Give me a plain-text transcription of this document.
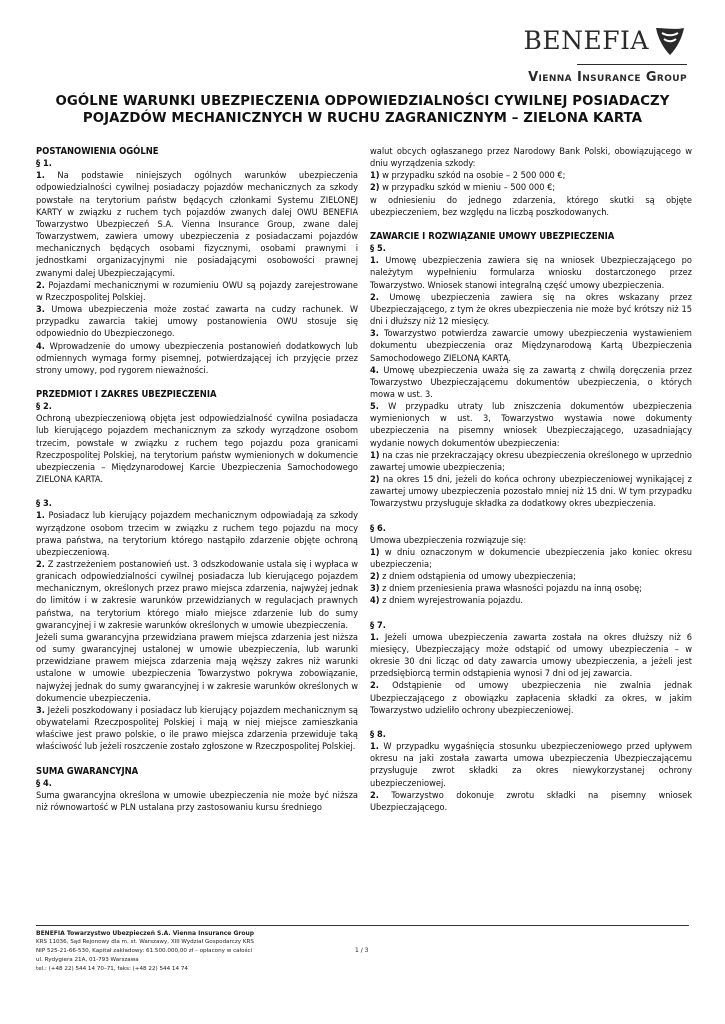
BENEFIA
Vienna Insurance Group
OGÓLNE WARUNKI UBEZPIECZENIA ODPOWIEDZIALNOŚCI CYWILNEJ POSIADACZY POJAZDÓW MECHANICZNYCH W RUCHU ZAGRANICZNYM – ZIELONA KARTA

POSTANOWIENIA OGÓLNE

§ 1.

1. Na podstawie niniejszych ogólnych warunków ubezpieczenia odpowiedzialności cywilnej posiadaczy pojazdów mechanicznych za szkody powstałe na terytorium państw będących członkami Systemu ZIELONEJ KARTY w związku z ruchem tych pojazdów zwanych dalej OWU BENEFIA Towarzystwo Ubezpieczeń S.A. Vienna Insurance Group, zwane dalej Towarzystwem, zawiera umowy ubezpieczenia z posiadaczami pojazdów mechanicznych będących osobami fizycznymi, osobami prawnymi i jednostkami organizacyjnymi nie posiadającymi osobowości prawnej zwanymi dalej Ubezpieczającymi.

2. Pojazdami mechanicznymi w rozumieniu OWU są pojazdy zarejestrowane w Rzeczpospolitej Polskiej.

3. Umowa ubezpieczenia może zostać zawarta na cudzy rachunek. W przypadku zawarcia takiej umowy postanowienia OWU stosuje się odpowiednio do Ubezpieczonego.

4. Wprowadzenie do umowy ubezpieczenia postanowień dodatkowych lub odmiennych wymaga formy pisemnej, potwierdzającej ich przyjęcie przez strony umowy, pod rygorem nieważności.

PRZEDMIOT I ZAKRES UBEZPIECZENIA

§ 2.

Ochroną ubezpieczeniową objęta jest odpowiedzialność cywilna posiadacza lub kierującego pojazdem mechanicznym za szkody wyrządzone osobom trzecim, powstałe w związku z ruchem tego pojazdu poza granicami Rzeczpospolitej Polskiej, na terytorium państw wymienionych w dokumencie ubezpieczenia – Międzynarodowej Karcie Ubezpieczenia Samochodowego ZIELONA KARTA.

§ 3.

1. Posiadacz lub kierujący pojazdem mechanicznym odpowiadają za szkody wyrządzone osobom trzecim w związku z ruchem tego pojazdu na mocy prawa państwa, na terytorium którego nastąpiło zdarzenie objęte ochroną ubezpieczeniową.

2. Z zastrzeżeniem postanowień ust. 3 odszkodowanie ustala się i wypłaca w granicach odpowiedzialności cywilnej posiadacza lub kierującego pojazdem mechanicznym, określonych przez prawo miejsca zdarzenia, najwyżej jednak do limitów i w zakresie warunków przewidzianych w regulacjach prawnych państwa, na terytorium którego miało miejsce zdarzenie lub do sumy gwarancyjnej i w zakresie warunków określonych w umowie ubezpieczenia.

Jeżeli suma gwarancyjna przewidziana prawem miejsca zdarzenia jest niższa od sumy gwarancyjnej ustalonej w umowie ubezpieczenia, lub warunki przewidziane prawem miejsca zdarzenia mają węższy zakres niż warunki ustalone w umowie ubezpieczenia Towarzystwo pokrywa zobowiązanie, najwyżej jednak do sumy gwarancyjnej i w zakresie warunków określonych w dokumencie ubezpieczenia.

3. Jeżeli poszkodowany i posiadacz lub kierujący pojazdem mechanicznym są obywatelami Rzeczpospolitej Polskiej i mają w niej miejsce zamieszkania właściwe jest prawo polskie, o ile prawo miejsca zdarzenia przewiduje taką właściwość lub jeżeli roszczenie zostało zgłoszone w Rzeczpospolitej Polskiej.

SUMA GWARANCYJNA

§ 4.

Suma gwarancyjna określona w umowie ubezpieczenia nie może być niższa niż równowartość w PLN ustalana przy zastosowaniu kursu średniego

walut obcych ogłaszanego przez Narodowy Bank Polski, obowiązującego w dniu wyrządzenia szkody:

1) w przypadku szkód na osobie – 2 500 000 €;

2) w przypadku szkód w mieniu – 500 000 €;

w odniesieniu do jednego zdarzenia, którego skutki są objęte ubezpieczeniem, bez względu na liczbą poszkodowanych.

ZAWARCIE I ROZWIĄZANIE UMOWY UBEZPIECZENIA

§ 5.

1. Umowę ubezpieczenia zawiera się na wniosek Ubezpieczającego po należytym wypełnieniu formularza wniosku dostarczonego przez Towarzystwo. Wniosek stanowi integralną część umowy ubezpieczenia.

2. Umowę ubezpieczenia zawiera się na okres wskazany przez Ubezpieczającego, z tym że okres ubezpieczenia nie może być krótszy niż 15 dni i dłuższy niż 12 miesięcy.

3. Towarzystwo potwierdza zawarcie umowy ubezpieczenia wystawieniem dokumentu ubezpieczenia oraz Międzynarodową Kartą Ubezpieczenia Samochodowego ZIELONĄ KARTĄ.

4. Umowę ubezpieczenia uważa się za zawartą z chwilą doręczenia przez Towarzystwo Ubezpieczającemu dokumentów ubezpieczenia, o których mowa w ust. 3.

5. W przypadku utraty lub zniszczenia dokumentów ubezpieczenia wymienionych w ust. 3, Towarzystwo wystawia nowe dokumenty ubezpieczenia na pisemny wniosek Ubezpieczającego, uzasadniający wydanie nowych dokumentów ubezpieczenia:

1) na czas nie przekraczający okresu ubezpieczenia określonego w uprzednio zawartej umowie ubezpieczenia;

2) na okres 15 dni, jeżeli do końca ochrony ubezpieczeniowej wynikającej z zawartej umowy ubezpieczenia pozostało mniej niż 15 dni. W tym przypadku Towarzystwu przysługuje składka za dodatkowy okres ubezpieczenia.

§ 6.

Umowa ubezpieczenia rozwiązuje się:

1) w dniu oznaczonym w dokumencie ubezpieczenia jako koniec okresu ubezpieczenia;

2) z dniem odstąpienia od umowy ubezpieczenia;

3) z dniem przeniesienia prawa własności pojazdu na inną osobę;

4) z dniem wyrejestrowania pojazdu.

§ 7.

1. Jeżeli umowa ubezpieczenia zawarta została na okres dłuższy niż 6 miesięcy, Ubezpieczający może odstąpić od umowy ubezpieczenia – w okresie 30 dni licząc od daty zawarcia umowy ubezpieczenia, a jeżeli jest przedsiębiorcą termin odstąpienia wynosi 7 dni od jej zawarcia.

2. Odstąpienie od umowy ubezpieczenia nie zwalnia jednak Ubezpieczającego z obowiązku zapłacenia składki za okres, w jakim Towarzystwo udzieliło ochrony ubezpieczeniowej.

§ 8.

1. W przypadku wygaśnięcia stosunku ubezpieczeniowego przed upływem okresu na jaki została zawarta umowa ubezpieczenia Ubezpieczającemu przysługuje zwrot składki za okres niewykorzystanej ochrony ubezpieczeniowej.

2. Towarzystwo dokonuje zwrotu składki na pisemny wniosek Ubezpieczającego.

BENEFIA Towarzystwo Ubezpieczeń S.A. Vienna Insurance Group
KRS 11036, Sąd Rejonowy dla m. st. Warszawy, XIII Wydział Gospodarczy KRS
NIP 525-21-66-530, Kapitał zakładowy: 61.500.000,00 zł – opłacony w całości
ul. Rydygiera 21A, 01-793 Warszawa
tel.: (+48 22) 544 14 70–71, faks: (+48 22) 544 14 74
1 / 3
